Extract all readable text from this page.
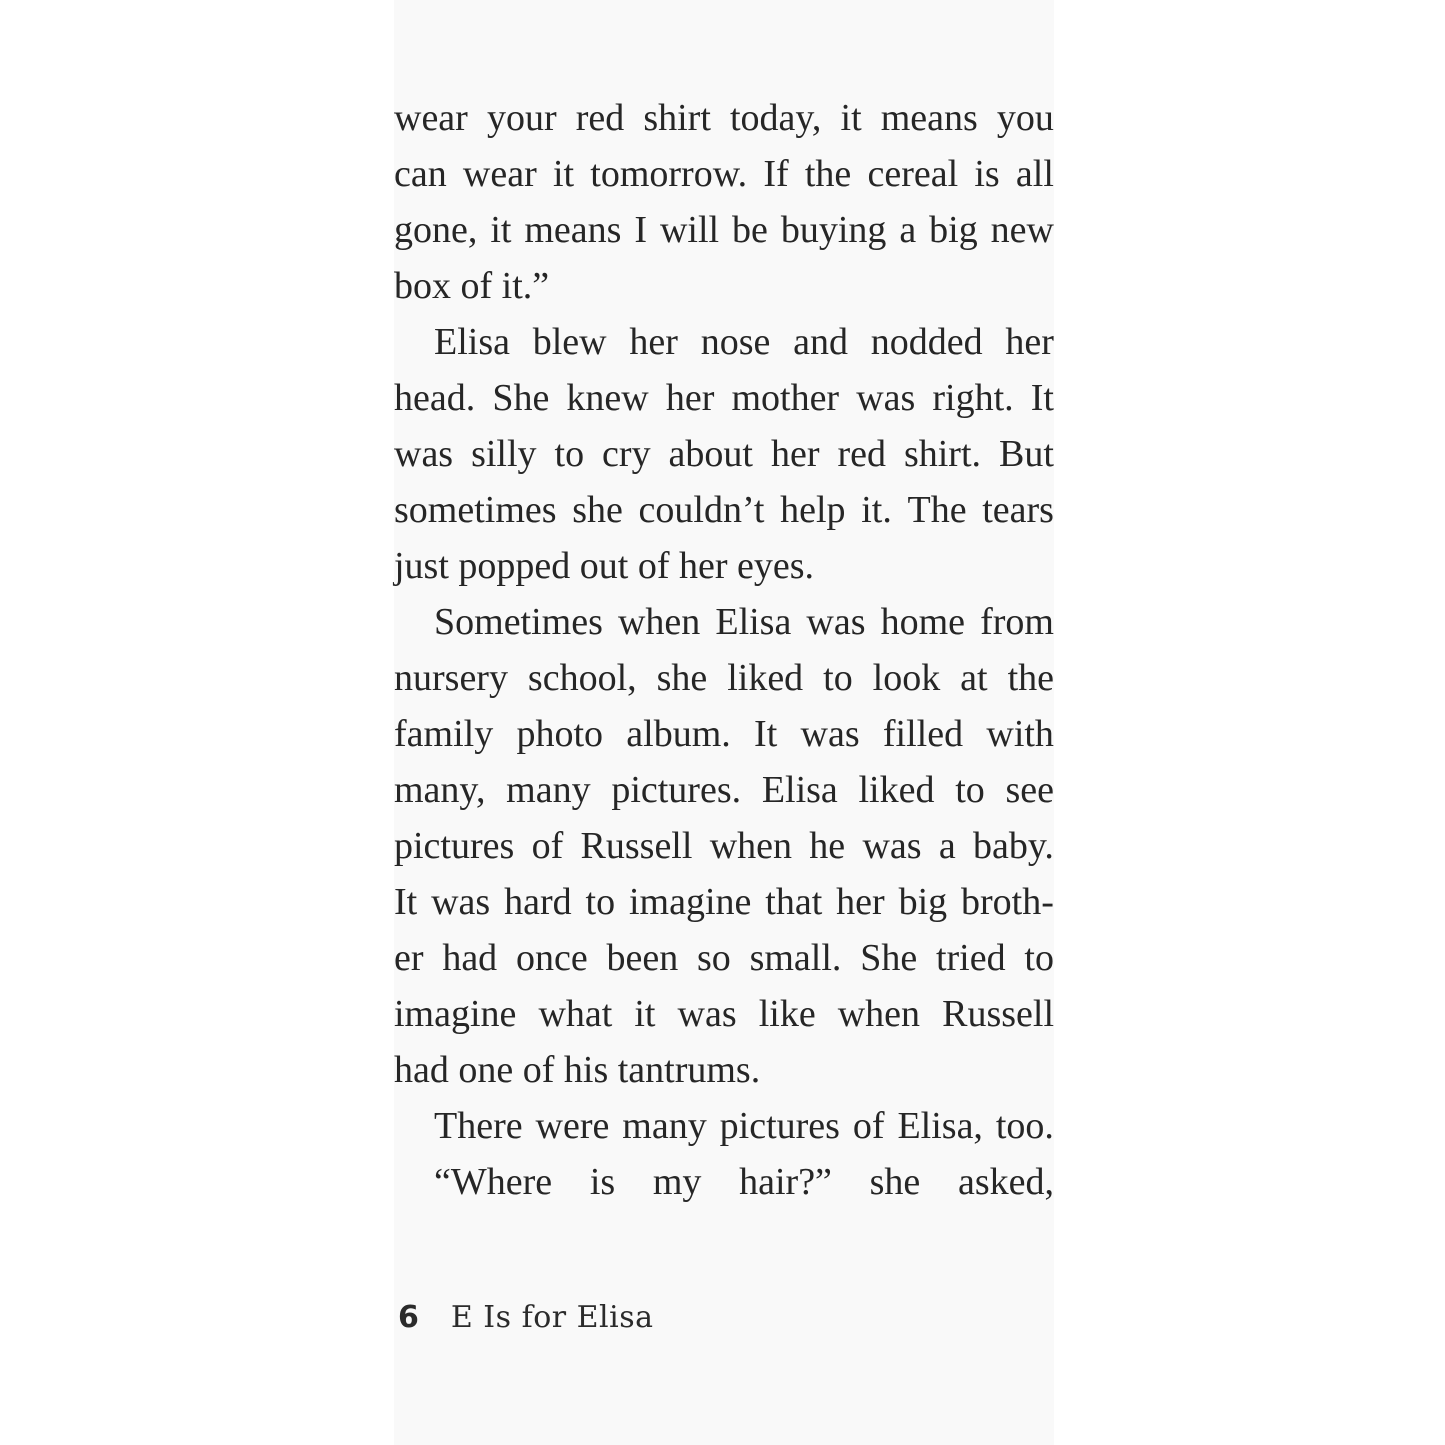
wear your red shirt today, it means you
can wear it tomorrow. If the cereal is all
gone, it means I will be buying a big new
box of it.”
Elisa blew her nose and nodded her
head. She knew her mother was right. It
was silly to cry about her red shirt. But
sometimes she couldn’t help it. The tears
just popped out of her eyes.
Sometimes when Elisa was home from
nursery school, she liked to look at the
family photo album. It was filled with
many, many pictures. Elisa liked to see
pictures of Russell when he was a baby.
It was hard to imagine that her big broth-
er had once been so small. She tried to
imagine what it was like when Russell
had one of his tantrums.
There were many pictures of Elisa, too.
“Where is my hair?” she asked,
6 E Is for Elisa
